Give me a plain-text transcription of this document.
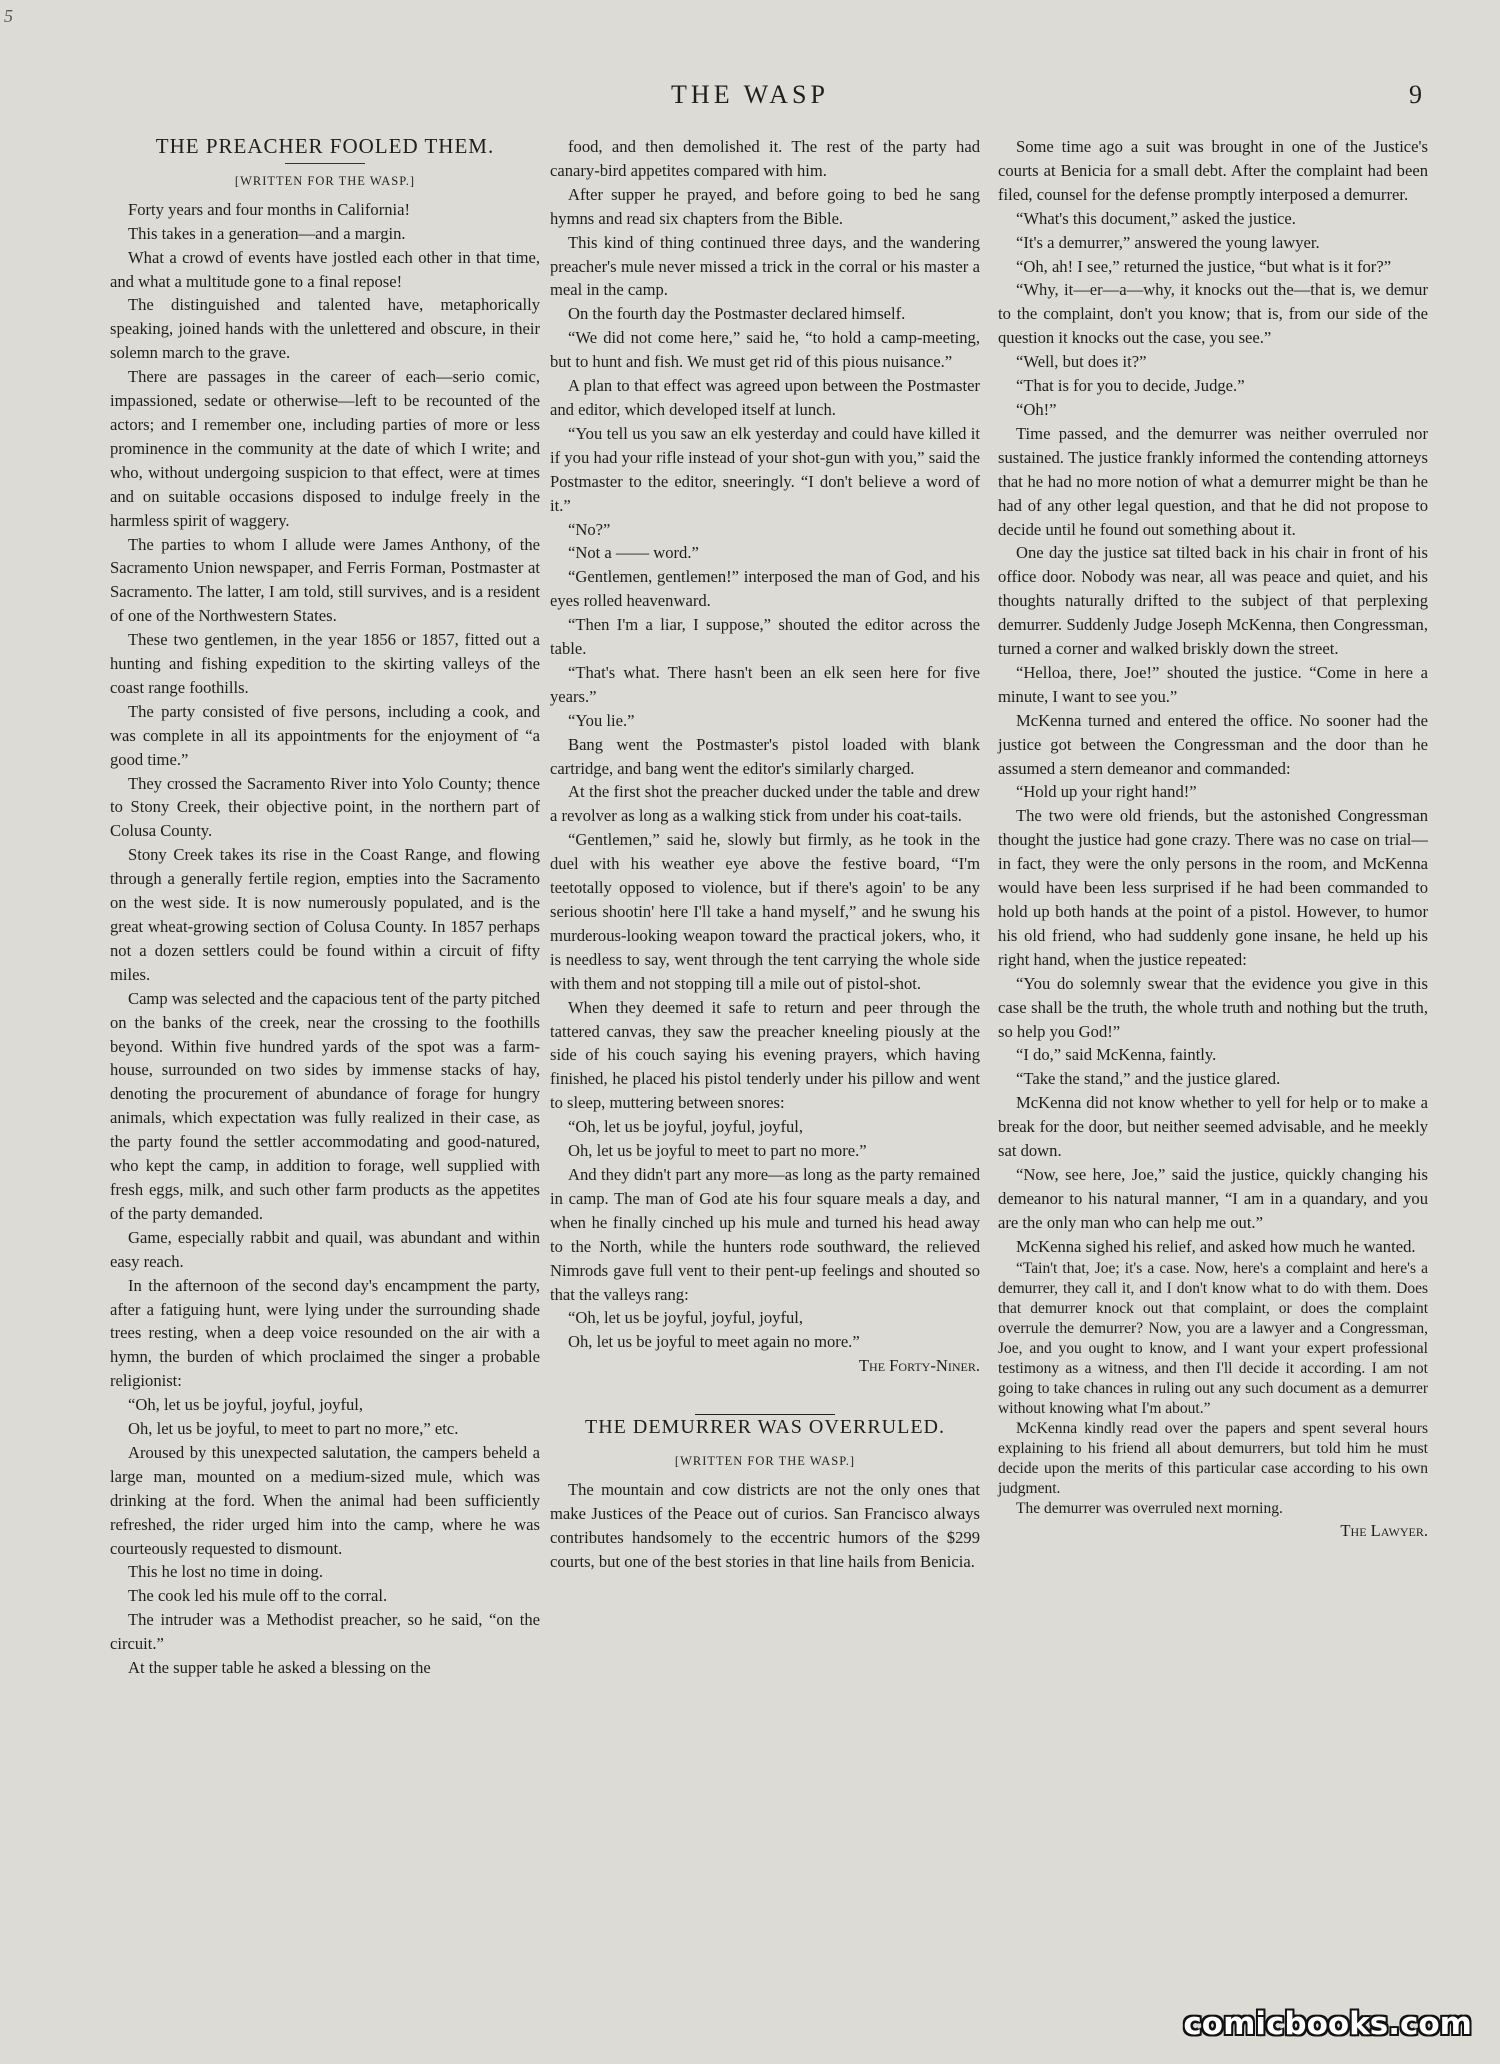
5
THE WASP	9
THE PREACHER FOOLED THEM.
[WRITTEN FOR THE WASP.]

Forty years and four months in California!

This takes in a generation—and a margin.

What a crowd of events have jostled each other in that time, and what a multitude gone to a final repose!

The distinguished and talented have, metaphorically speaking, joined hands with the unlettered and obscure, in their solemn march to the grave.

There are passages in the career of each—serio comic, impassioned, sedate or otherwise—left to be recounted of the actors; and I remember one, including parties of more or less prominence in the community at the date of which I write; and who, without undergoing suspicion to that effect, were at times and on suitable occasions disposed to indulge freely in the harmless spirit of waggery.

The parties to whom I allude were James Anthony, of the Sacramento Union newspaper, and Ferris Forman, Postmaster at Sacramento. The latter, I am told, still survives, and is a resident of one of the Northwestern States.

These two gentlemen, in the year 1856 or 1857, fitted out a hunting and fishing expedition to the skirting valleys of the coast range foothills.

The party consisted of five persons, including a cook, and was complete in all its appointments for the enjoyment of “a good time.”

They crossed the Sacramento River into Yolo County; thence to Stony Creek, their objective point, in the northern part of Colusa County.

Stony Creek takes its rise in the Coast Range, and flowing through a generally fertile region, empties into the Sacramento on the west side. It is now numerously populated, and is the great wheat-growing section of Colusa County. In 1857 perhaps not a dozen settlers could be found within a circuit of fifty miles.

Camp was selected and the capacious tent of the party pitched on the banks of the creek, near the crossing to the foothills beyond. Within five hundred yards of the spot was a farm-house, surrounded on two sides by immense stacks of hay, denoting the procurement of abundance of forage for hungry animals, which expectation was fully realized in their case, as the party found the settler accommodating and good-natured, who kept the camp, in addition to forage, well supplied with fresh eggs, milk, and such other farm products as the appetites of the party demanded.

Game, especially rabbit and quail, was abundant and within easy reach.

In the afternoon of the second day's encampment the party, after a fatiguing hunt, were lying under the surrounding shade trees resting, when a deep voice resounded on the air with a hymn, the burden of which proclaimed the singer a probable religionist:

“Oh, let us be joyful, joyful, joyful,

Oh, let us be joyful, to meet to part no more,” etc.

Aroused by this unexpected salutation, the campers beheld a large man, mounted on a medium-sized mule, which was drinking at the ford. When the animal had been sufficiently refreshed, the rider urged him into the camp, where he was courteously requested to dismount.

This he lost no time in doing.

The cook led his mule off to the corral.

The intruder was a Methodist preacher, so he said, “on the circuit.”

At the supper table he asked a blessing on the

food, and then demolished it. The rest of the party had canary-bird appetites compared with him.

After supper he prayed, and before going to bed he sang hymns and read six chapters from the Bible.

This kind of thing continued three days, and the wandering preacher's mule never missed a trick in the corral or his master a meal in the camp.

On the fourth day the Postmaster declared himself.

“We did not come here,” said he, “to hold a camp-meeting, but to hunt and fish. We must get rid of this pious nuisance.”

A plan to that effect was agreed upon between the Postmaster and editor, which developed itself at lunch.

“You tell us you saw an elk yesterday and could have killed it if you had your rifle instead of your shot-gun with you,” said the Postmaster to the editor, sneeringly. “I don't believe a word of it.”

“No?”

“Not a —— word.”

“Gentlemen, gentlemen!” interposed the man of God, and his eyes rolled heavenward.

“Then I'm a liar, I suppose,” shouted the editor across the table.

“That's what. There hasn't been an elk seen here for five years.”

“You lie.”

Bang went the Postmaster's pistol loaded with blank cartridge, and bang went the editor's similarly charged.

At the first shot the preacher ducked under the table and drew a revolver as long as a walking stick from under his coat-tails.

“Gentlemen,” said he, slowly but firmly, as he took in the duel with his weather eye above the festive board, “I'm teetotally opposed to violence, but if there's agoin' to be any serious shootin' here I'll take a hand myself,” and he swung his murderous-looking weapon toward the practical jokers, who, it is needless to say, went through the tent carrying the whole side with them and not stopping till a mile out of pistol-shot.

When they deemed it safe to return and peer through the tattered canvas, they saw the preacher kneeling piously at the side of his couch saying his evening prayers, which having finished, he placed his pistol tenderly under his pillow and went to sleep, muttering between snores:

“Oh, let us be joyful, joyful, joyful,

Oh, let us be joyful to meet to part no more.”

And they didn't part any more—as long as the party remained in camp. The man of God ate his four square meals a day, and when he finally cinched up his mule and turned his head away to the North, while the hunters rode southward, the relieved Nimrods gave full vent to their pent-up feelings and shouted so that the valleys rang:

“Oh, let us be joyful, joyful, joyful,

Oh, let us be joyful to meet again no more.”

The Forty-Niner.

THE DEMURRER WAS OVERRULED.
[WRITTEN FOR THE WASP.]

The mountain and cow districts are not the only ones that make Justices of the Peace out of curios. San Francisco always contributes handsomely to the eccentric humors of the $299 courts, but one of the best stories in that line hails from Benicia.

Some time ago a suit was brought in one of the Justice's courts at Benicia for a small debt. After the complaint had been filed, counsel for the defense promptly interposed a demurrer.

“What's this document,” asked the justice.

“It's a demurrer,” answered the young lawyer.

“Oh, ah! I see,” returned the justice, “but what is it for?”

“Why, it—er—a—why, it knocks out the—that is, we demur to the complaint, don't you know; that is, from our side of the question it knocks out the case, you see.”

“Well, but does it?”

“That is for you to decide, Judge.”

“Oh!”

Time passed, and the demurrer was neither overruled nor sustained. The justice frankly informed the contending attorneys that he had no more notion of what a demurrer might be than he had of any other legal question, and that he did not propose to decide until he found out something about it.

One day the justice sat tilted back in his chair in front of his office door. Nobody was near, all was peace and quiet, and his thoughts naturally drifted to the subject of that perplexing demurrer. Suddenly Judge Joseph McKenna, then Congressman, turned a corner and walked briskly down the street.

“Helloa, there, Joe!” shouted the justice. “Come in here a minute, I want to see you.”

McKenna turned and entered the office. No sooner had the justice got between the Congressman and the door than he assumed a stern demeanor and commanded:

“Hold up your right hand!”

The two were old friends, but the astonished Congressman thought the justice had gone crazy. There was no case on trial—in fact, they were the only persons in the room, and McKenna would have been less surprised if he had been commanded to hold up both hands at the point of a pistol. However, to humor his old friend, who had suddenly gone insane, he held up his right hand, when the justice repeated:

“You do solemnly swear that the evidence you give in this case shall be the truth, the whole truth and nothing but the truth, so help you God!”

“I do,” said McKenna, faintly.

“Take the stand,” and the justice glared.

McKenna did not know whether to yell for help or to make a break for the door, but neither seemed advisable, and he meekly sat down.

“Now, see here, Joe,” said the justice, quickly changing his demeanor to his natural manner, “I am in a quandary, and you are the only man who can help me out.”

McKenna sighed his relief, and asked how much he wanted.

“Tain't that, Joe; it's a case. Now, here's a complaint and here's a demurrer, they call it, and I don't know what to do with them. Does that demurrer knock out that complaint, or does the complaint overrule the demurrer? Now, you are a lawyer and a Congressman, Joe, and you ought to know, and I want your expert professional testimony as a witness, and then I'll decide it according. I am not going to take chances in ruling out any such document as a demurrer without knowing what I'm about.”

McKenna kindly read over the papers and spent several hours explaining to his friend all about demurrers, but told him he must decide upon the merits of this particular case according to his own judgment.

The demurrer was overruled next morning.

The Lawyer.

comicbooks.com
